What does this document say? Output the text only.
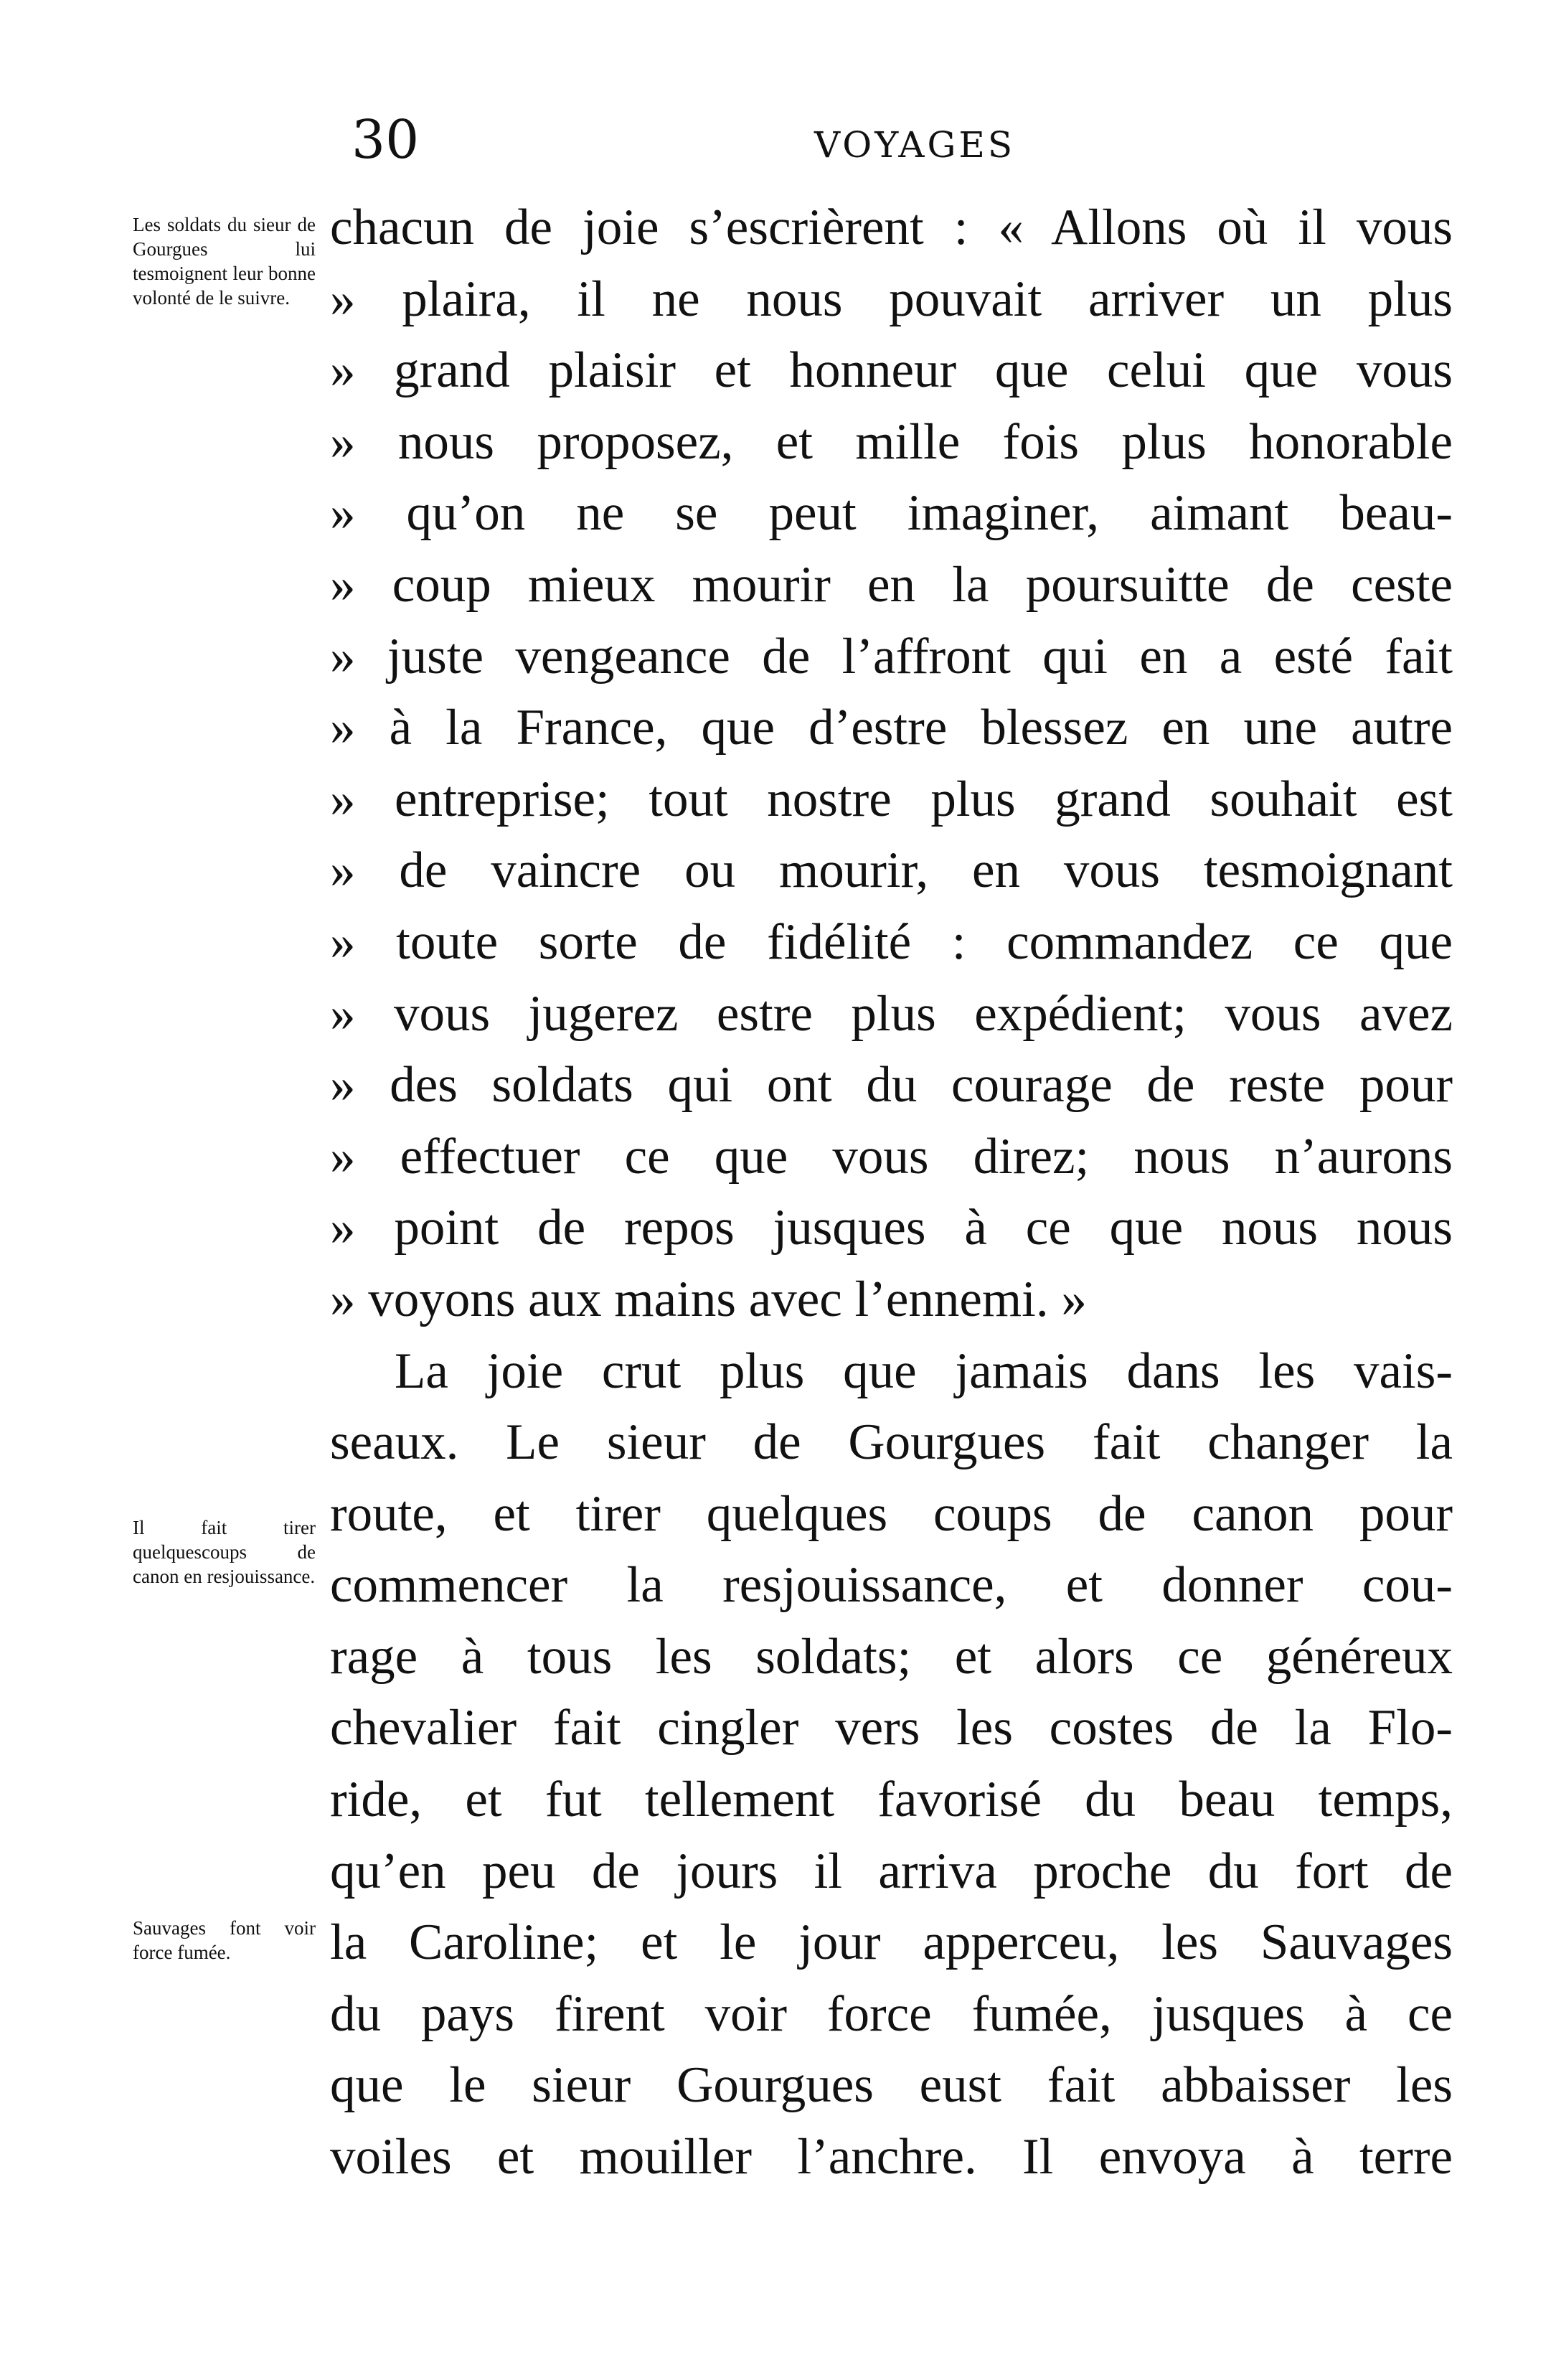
30	VOYAGES
Les soldats du sieur de Gourgues lui tesmoignent leur bonne volonté de le suivre.
Il fait tirer quelquescoups de canon en resjouissance.
Sauvages font voir force fumée.
chacun de joie s’escrièrent : « Allons où il vous
» plaira, il ne nous pouvait arriver un plus
» grand plaisir et honneur que celui que vous
» nous proposez, et mille fois plus honorable
» qu’on ne se peut imaginer, aimant beau-
» coup mieux mourir en la poursuitte de ceste
» juste vengeance de l’affront qui en a esté fait
» à la France, que d’estre blessez en une autre
» entreprise; tout nostre plus grand souhait est
» de vaincre ou mourir, en vous tesmoignant
» toute sorte de fidélité : commandez ce que
» vous jugerez estre plus expédient; vous avez
» des soldats qui ont du courage de reste pour
» effectuer ce que vous direz; nous n’aurons
» point de repos jusques à ce que nous nous
» voyons aux mains avec l’ennemi. »
La joie crut plus que jamais dans les vais-
seaux. Le sieur de Gourgues fait changer la
route, et tirer quelques coups de canon pour
commencer la resjouissance, et donner cou-
rage à tous les soldats; et alors ce généreux
chevalier fait cingler vers les costes de la Flo-
ride, et fut tellement favorisé du beau temps,
qu’en peu de jours il arriva proche du fort de
la Caroline; et le jour apperceu, les Sauvages
du pays firent voir force fumée, jusques à ce
que le sieur Gourgues eust fait abbaisser les
voiles et mouiller l’anchre. Il envoya à terre
